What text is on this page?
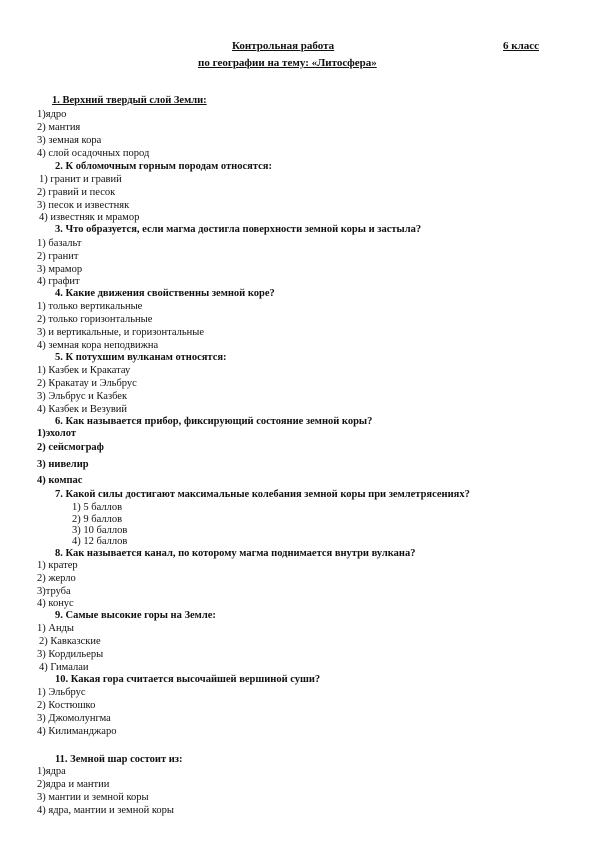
Контрольная работа	6 класс
по географии на тему: «Литосфера»
1. Верхний твердый слой Земли:
1)ядро
2) мантия
3) земная кора
4) слой осадочных пород
2. К обломочным горным породам относятся:
1) гранит и гравий
2) гравий и песок
3) песок и известняк
4) известняк и мрамор
3. Что образуется, если магма достигла поверхности земной коры и застыла?
1) базальт
2) гранит
3) мрамор
4) графит
4. Какие движения свойственны земной коре?
1) только вертикальные
2) только горизонтальные
3) и вертикальные, и горизонтальные
4) земная кора неподвижна
5. К потухшим вулканам относятся:
1) Казбек и Кракатау
2) Кракатау и Эльбрус
3) Эльбрус и Казбек
4) Казбек и Везувий
6. Как называется прибор, фиксирующий состояние земной коры?
1)эхолот
2) сейсмограф
3) нивелир
4) компас
7. Какой силы достигают максимальные колебания земной коры при землетрясениях?
1) 5 баллов
2) 9 баллов
3) 10 баллов
4) 12 баллов
8. Как называется канал, по которому магма поднимается внутри вулкана?
1) кратер
2) жерло
3)труба
4) конус
9. Самые высокие горы на Земле:
1) Анды
2) Кавказские
3) Кордильеры
4) Гималаи
10. Какая гора считается высочайшей вершиной суши?
1) Эльбрус
2) Костюшко
3) Джомолунгма
4) Килиманджаро
11. Земной шар состоит из:
1)ядра
2)ядра и мантии
3) мантии и земной коры
4) ядра, мантии и земной коры
